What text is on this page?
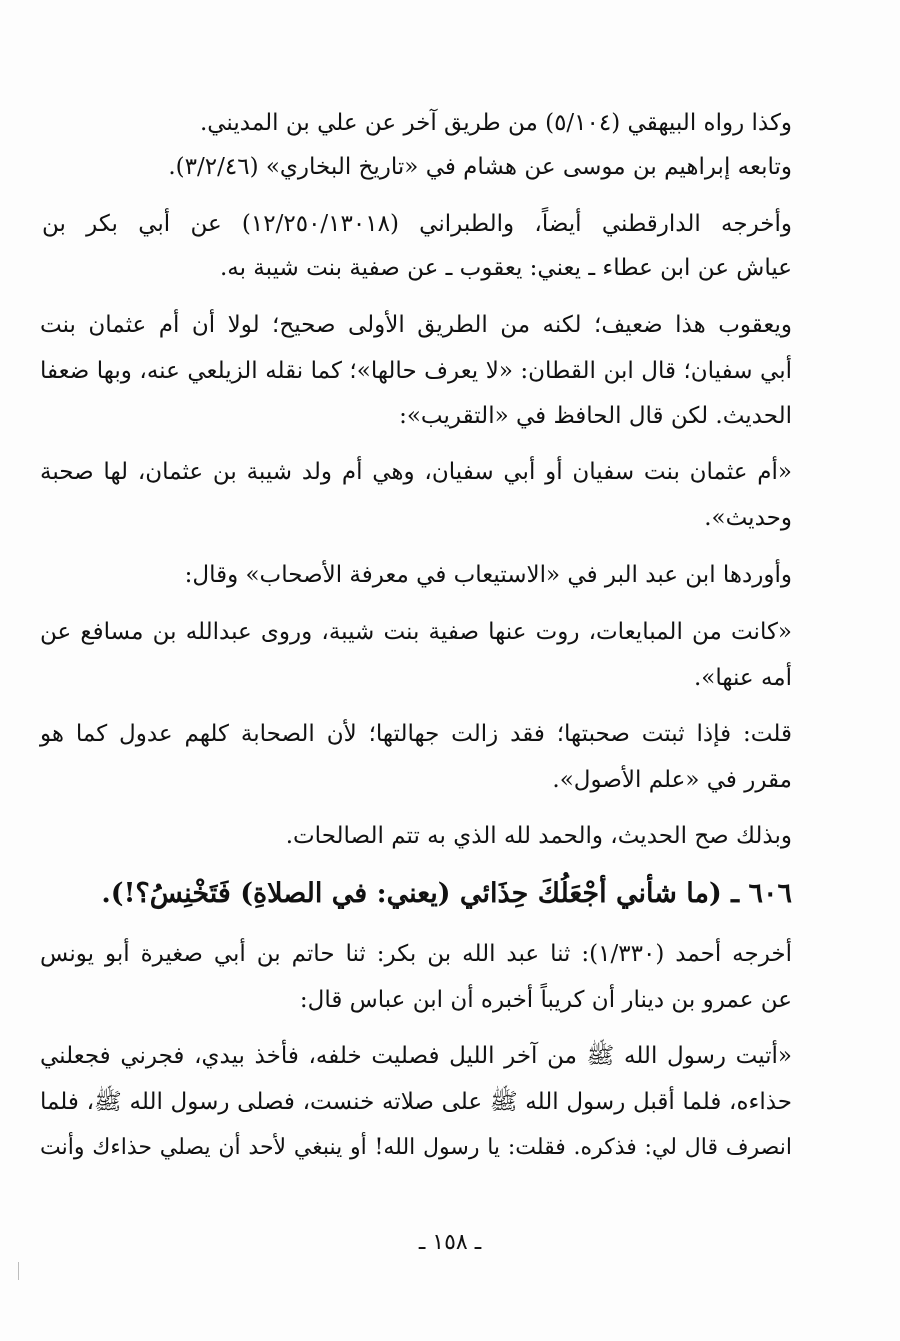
وكذا رواه البيهقي (٥/١٠٤) من طريق آخر عن علي بن المديني.
وتابعه إبراهيم بن موسى عن هشام في «تاريخ البخاري» (٣/٢/٤٦).
وأخرجه الدارقطني أيضاً، والطبراني (١٢/٢٥٠/١٣٠١٨) عن أبي بكر بن
عياش عن ابن عطاء ـ يعني: يعقوب ـ عن صفية بنت شيبة به.
ويعقوب هذا ضعيف؛ لكنه من الطريق الأولى صحيح؛ لولا أن أم عثمان بنت
أبي سفيان؛ قال ابن القطان: «لا يعرف حالها»؛ كما نقله الزيلعي عنه، وبها ضعفا
الحديث. لكن قال الحافظ في «التقريب»:
«أم عثمان بنت سفيان أو أبي سفيان، وهي أم ولد شيبة بن عثمان، لها صحبة
وحديث».
وأوردها ابن عبد البر في «الاستيعاب في معرفة الأصحاب» وقال:
«كانت من المبايعات، روت عنها صفية بنت شيبة، وروى عبدالله بن مسافع عن
أمه عنها».
قلت: فإذا ثبتت صحبتها؛ فقد زالت جهالتها؛ لأن الصحابة كلهم عدول كما هو
مقرر في «علم الأصول».
وبذلك صح الحديث، والحمد لله الذي به تتم الصالحات.
٦٠٦ ـ (ما شأني أجْعَلُكَ حِذَائي (يعني: في الصلاةِ) فَتَخْنِسُ؟!).
أخرجه أحمد (١/٣٣٠): ثنا عبد الله بن بكر: ثنا حاتم بن أبي صغيرة أبو يونس
عن عمرو بن دينار أن كريباً أخبره أن ابن عباس قال:
«أتيت رسول الله ﷺ من آخر الليل فصليت خلفه، فأخذ بيدي، فجرني فجعلني
حذاءه، فلما أقبل رسول الله ﷺ على صلاته خنست، فصلى رسول الله ﷺ، فلما
انصرف قال لي: فذكره. فقلت: يا رسول الله! أو ينبغي لأحد أن يصلي حذاءك وأنت
ـ ١٥٨ ـ
